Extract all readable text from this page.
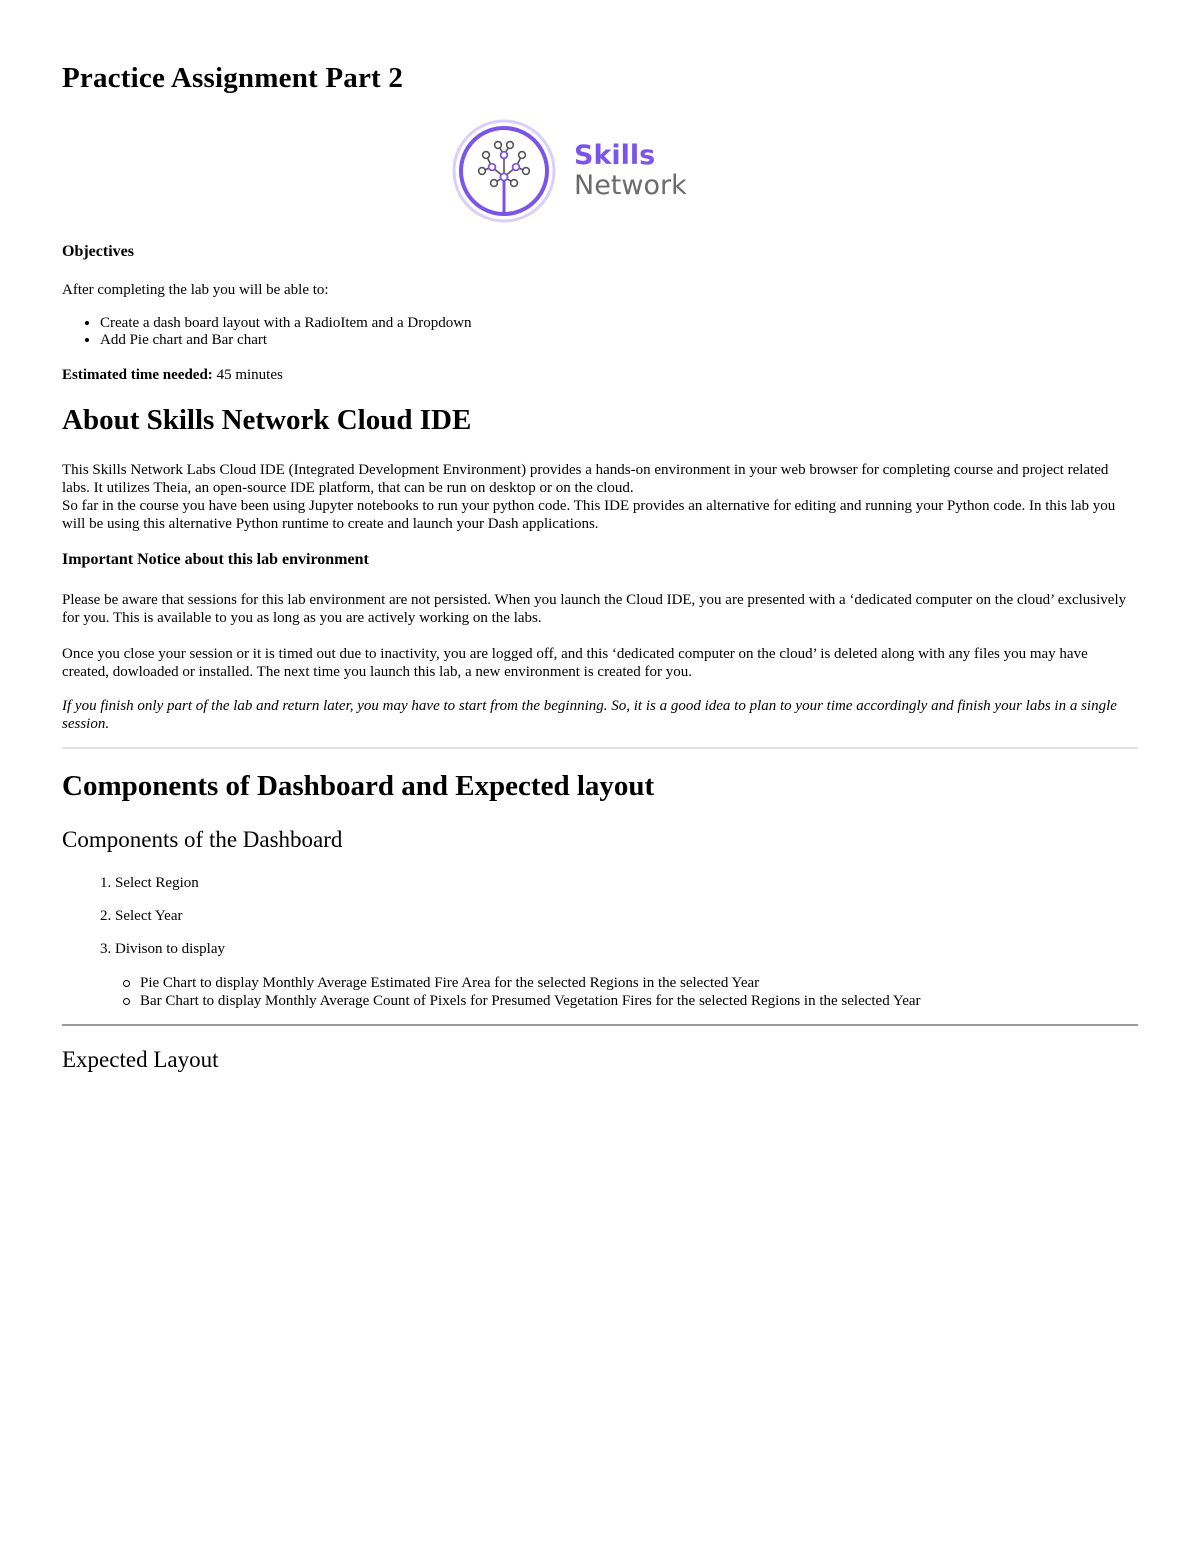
Practice Assignment Part 2
Skills
Network
Objectives

After completing the lab you will be able to:

• Create a dash board layout with a RadioItem and a Dropdown
• Add Pie chart and Bar chart

Estimated time needed: 45 minutes

About Skills Network Cloud IDE
This Skills Network Labs Cloud IDE (Integrated Development Environment) provides a hands-on environment in your web browser for completing course and project related labs. It utilizes Theia, an open-source IDE platform, that can be run on desktop or on the cloud.
So far in the course you have been using Jupyter notebooks to run your python code. This IDE provides an alternative for editing and running your Python code. In this lab you will be using this alternative Python runtime to create and launch your Dash applications.
Important Notice about this lab environment

Please be aware that sessions for this lab environment are not persisted. When you launch the Cloud IDE, you are presented with a ‘dedicated computer on the cloud’ exclusively for you. This is available to you as long as you are actively working on the labs.

Once you close your session or it is timed out due to inactivity, you are logged off, and this ‘dedicated computer on the cloud’ is deleted along with any files you may have created, dowloaded or installed. The next time you launch this lab, a new environment is created for you.

If you finish only part of the lab and return later, you may have to start from the beginning. So, it is a good idea to plan to your time accordingly and finish your labs in a single session.

Components of Dashboard and Expected layout
Components of the Dashboard
1. Select Region
2. Select Year
3. Divison to display
Pie Chart to display Monthly Average Estimated Fire Area for the selected Regions in the selected Year
Bar Chart to display Monthly Average Count of Pixels for Presumed Vegetation Fires for the selected Regions in the selected Year
Expected Layout
